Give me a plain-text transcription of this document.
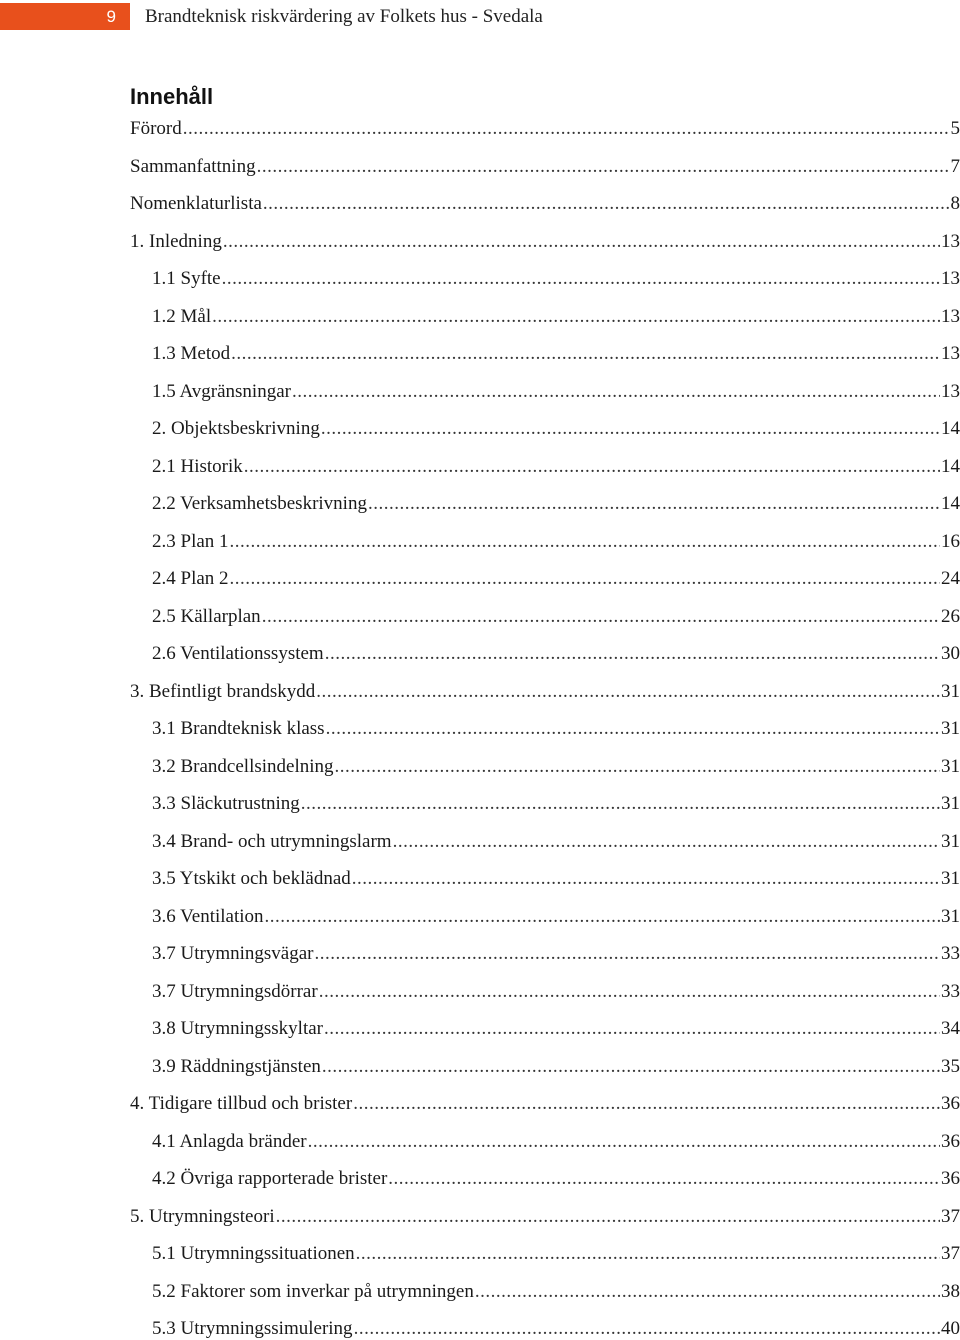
9	Brandteknisk riskvärdering av Folkets hus - Svedala
Innehåll
Förord .....	5
Sammanfattning .....	7
Nomenklaturlista .....	8
1. Inledning .....	13
1.1 Syfte .....	13
1.2 Mål .....	13
1.3 Metod .....	13
1.5 Avgränsningar .....	13
2. Objektsbeskrivning .....	14
2.1 Historik .....	14
2.2 Verksamhetsbeskrivning .....	14
2.3 Plan 1 .....	16
2.4 Plan 2 .....	24
2.5 Källarplan .....	26
2.6 Ventilationssystem .....	30
3. Befintligt brandskydd .....	31
3.1 Brandteknisk klass .....	31
3.2 Brandcellsindelning .....	31
3.3 Släckutrustning .....	31
3.4 Brand- och utrymningslarm .....	31
3.5 Ytskikt och beklädnad .....	31
3.6 Ventilation .....	31
3.7 Utrymningsvägar .....	33
3.7 Utrymningsdörrar .....	33
3.8 Utrymningsskyltar .....	34
3.9 Räddningstjänsten .....	35
4. Tidigare tillbud och brister .....	36
4.1 Anlagda bränder .....	36
4.2 Övriga rapporterade brister .....	36
5. Utrymningsteori .....	37
5.1 Utrymningssituationen .....	37
5.2 Faktorer som inverkar på utrymningen .....	38
5.3 Utrymningssimulering .....	40
